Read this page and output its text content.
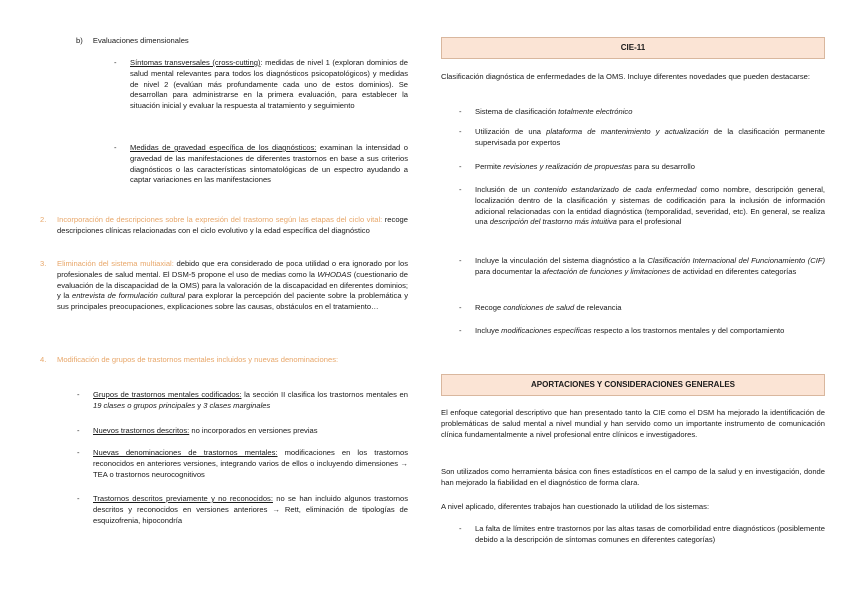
b) Evaluaciones dimensionales
- Síntomas transversales (cross-cutting): medidas de nivel 1 (exploran dominios de salud mental relevantes para todos los diagnósticos psicopatológicos) y medidas de nivel 2 (evalúan más profundamente cada uno de estos dominios). Se desarrollan para administrarse en la primera evaluación, para establecer la situación inicial y evaluar la respuesta al tratamiento y seguimiento

- Medidas de gravedad específica de los diagnósticos: examinan la intensidad o gravedad de las manifestaciones de diferentes trastornos en base a sus criterios diagnósticos o las características sintomatológicas de un espectro ayudando a captar variaciones en las manifestaciones

2. Incorporación de descripciones sobre la expresión del trastorno según las etapas del ciclo vital: recoge descripciones clínicas relacionadas con el ciclo evolutivo y la edad específica del diagnóstico

3. Eliminación del sistema multiaxial: debido que era considerado de poca utilidad o era ignorado por los profesionales de salud mental. El DSM-5 propone el uso de medias como la WHODAS (cuestionario de evaluación de la discapacidad de la OMS) para la valoración de la discapacidad en diferentes dominios; y la entrevista de formulación cultural para explorar la percepción del paciente sobre la problemática y sus principales preocupaciones, explicaciones sobre las causas, obstáculos en el tratamiento…

4. Modificación de grupos de trastornos mentales incluidos y nuevas denominaciones:

- Grupos de trastornos mentales codificados: la sección II clasifica los trastornos mentales en 19 clases o grupos principales y 3 clases marginales

- Nuevos trastornos descritos: no incorporados en versiones previas

- Nuevas denominaciones de trastornos mentales: modificaciones en los trastornos reconocidos en anteriores versiones, integrando varios de ellos o incluyendo dimensiones → TEA o trastornos neurocognitivos

- Trastornos descritos previamente y no reconocidos: no se han incluido algunos trastornos descritos y reconocidos en versiones anteriores → Rett, eliminación de tipologías de esquizofrenia, hipocondría

CIE-11

Clasificación diagnóstica de enfermedades de la OMS. Incluye diferentes novedades que pueden destacarse:

- Sistema de clasificación totalmente electrónico

- Utilización de una plataforma de mantenimiento y actualización de la clasificación permanente supervisada por expertos

- Permite revisiones y realización de propuestas para su desarrollo

- Inclusión de un contenido estandarizado de cada enfermedad como nombre, descripción general, localización dentro de la clasificación y sistemas de codificación para la inclusión de información adicional relacionadas con la entidad diagnóstica (temporalidad, severidad, etc). En general, se realiza una descripción del trastorno más intuitiva para el profesional

- Incluye la vinculación del sistema diagnóstico a la Clasificación Internacional del Funcionamiento (CIF) para documentar la afectación de funciones y limitaciones de actividad en diferentes categorías

- Recoge condiciones de salud de relevancia

- Incluye modificaciones específicas respecto a los trastornos mentales y del comportamiento

APORTACIONES Y CONSIDERACIONES GENERALES

El enfoque categorial descriptivo que han presentado tanto la CIE como el DSM ha mejorado la identificación de problemáticas de salud mental a nivel mundial y han servido como un importante instrumento de comunicación clínica fundamentalmente a nivel profesional entre clínicos e investigadores.

Son utilizados como herramienta básica con fines estadísticos en el campo de la salud y en investigación, donde han mejorado la fiabilidad en el diagnóstico de forma clara.

A nivel aplicado, diferentes trabajos han cuestionado la utilidad de los sistemas:

- La falta de límites entre trastornos por las altas tasas de comorbilidad entre diagnósticos (posiblemente debido a la descripción de síntomas comunes en diferentes categorías)
